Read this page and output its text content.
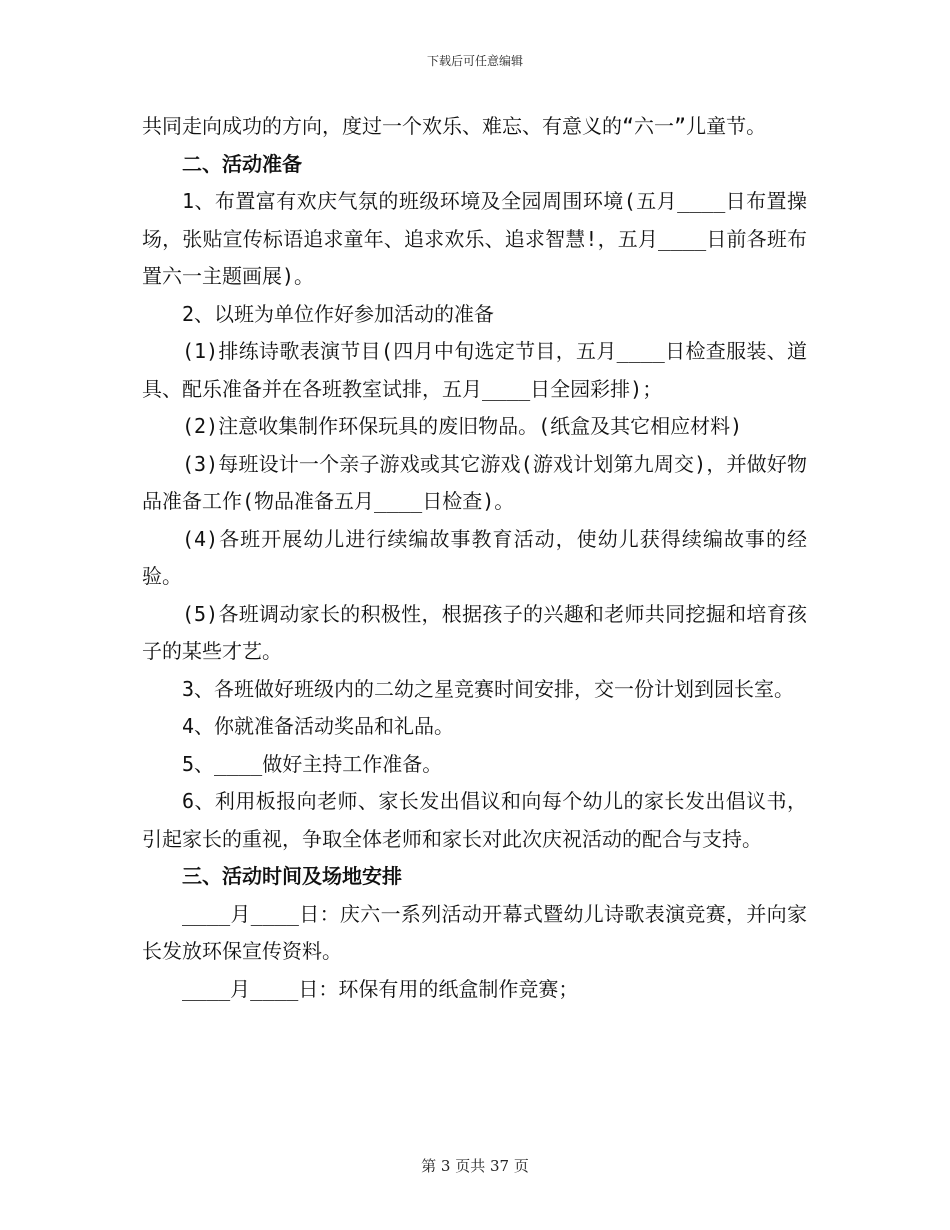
下载后可任意编辑

共同走向成功的方向，度过一个欢乐、难忘、有意义的“六一”儿童节。

二、活动准备

1、布置富有欢庆气氛的班级环境及全园周围环境(五月____日布置操场，张贴宣传标语追求童年、追求欢乐、追求智慧!，五月____日前各班布置六一主题画展)。

2、以班为单位作好参加活动的准备

(1)排练诗歌表演节目(四月中旬选定节目，五月____日检查服装、道具、配乐准备并在各班教室试排，五月____日全园彩排)；

(2)注意收集制作环保玩具的废旧物品。(纸盒及其它相应材料)

(3)每班设计一个亲子游戏或其它游戏(游戏计划第九周交)，并做好物品准备工作(物品准备五月____日检查)。

(4)各班开展幼儿进行续编故事教育活动，使幼儿获得续编故事的经验。

(5)各班调动家长的积极性，根据孩子的兴趣和老师共同挖掘和培育孩子的某些才艺。

3、各班做好班级内的二幼之星竞赛时间安排，交一份计划到园长室。

4、你就准备活动奖品和礼品。

5、____做好主持工作准备。

6、利用板报向老师、家长发出倡议和向每个幼儿的家长发出倡议书，引起家长的重视，争取全体老师和家长对此次庆祝活动的配合与支持。

三、活动时间及场地安排

____月____日：庆六一系列活动开幕式暨幼儿诗歌表演竞赛，并向家长发放环保宣传资料。

____月____日：环保有用的纸盒制作竞赛；

第 3 页共 37 页
